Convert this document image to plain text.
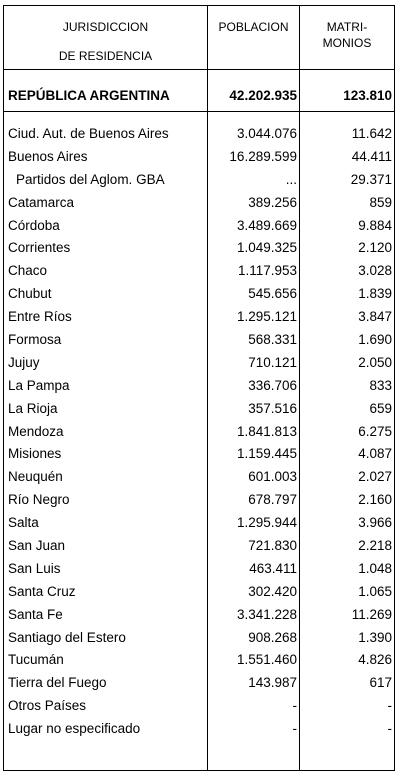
JURISDICCION
DE RESIDENCIA	POBLACION	MATRI-
MONIOS

REPÚBLICA ARGENTINA	42.202.935	123.810

Ciud. Aut. de Buenos Aires	3.044.076	11.642
Buenos Aires	16.289.599	44.411
Partidos del Aglom. GBA	...	29.371
Catamarca	389.256	859
Córdoba	3.489.669	9.884
Corrientes	1.049.325	2.120
Chaco	1.117.953	3.028
Chubut	545.656	1.839
Entre Ríos	1.295.121	3.847
Formosa	568.331	1.690
Jujuy	710.121	2.050
La Pampa	336.706	833
La Rioja	357.516	659
Mendoza	1.841.813	6.275
Misiones	1.159.445	4.087
Neuquén	601.003	2.027
Río Negro	678.797	2.160
Salta	1.295.944	3.966
San Juan	721.830	2.218
San Luis	463.411	1.048
Santa Cruz	302.420	1.065
Santa Fe	3.341.228	11.269
Santiago del Estero	908.268	1.390
Tucumán	1.551.460	4.826
Tierra del Fuego	143.987	617
Otros Países	-	-
Lugar no especificado	-	-
